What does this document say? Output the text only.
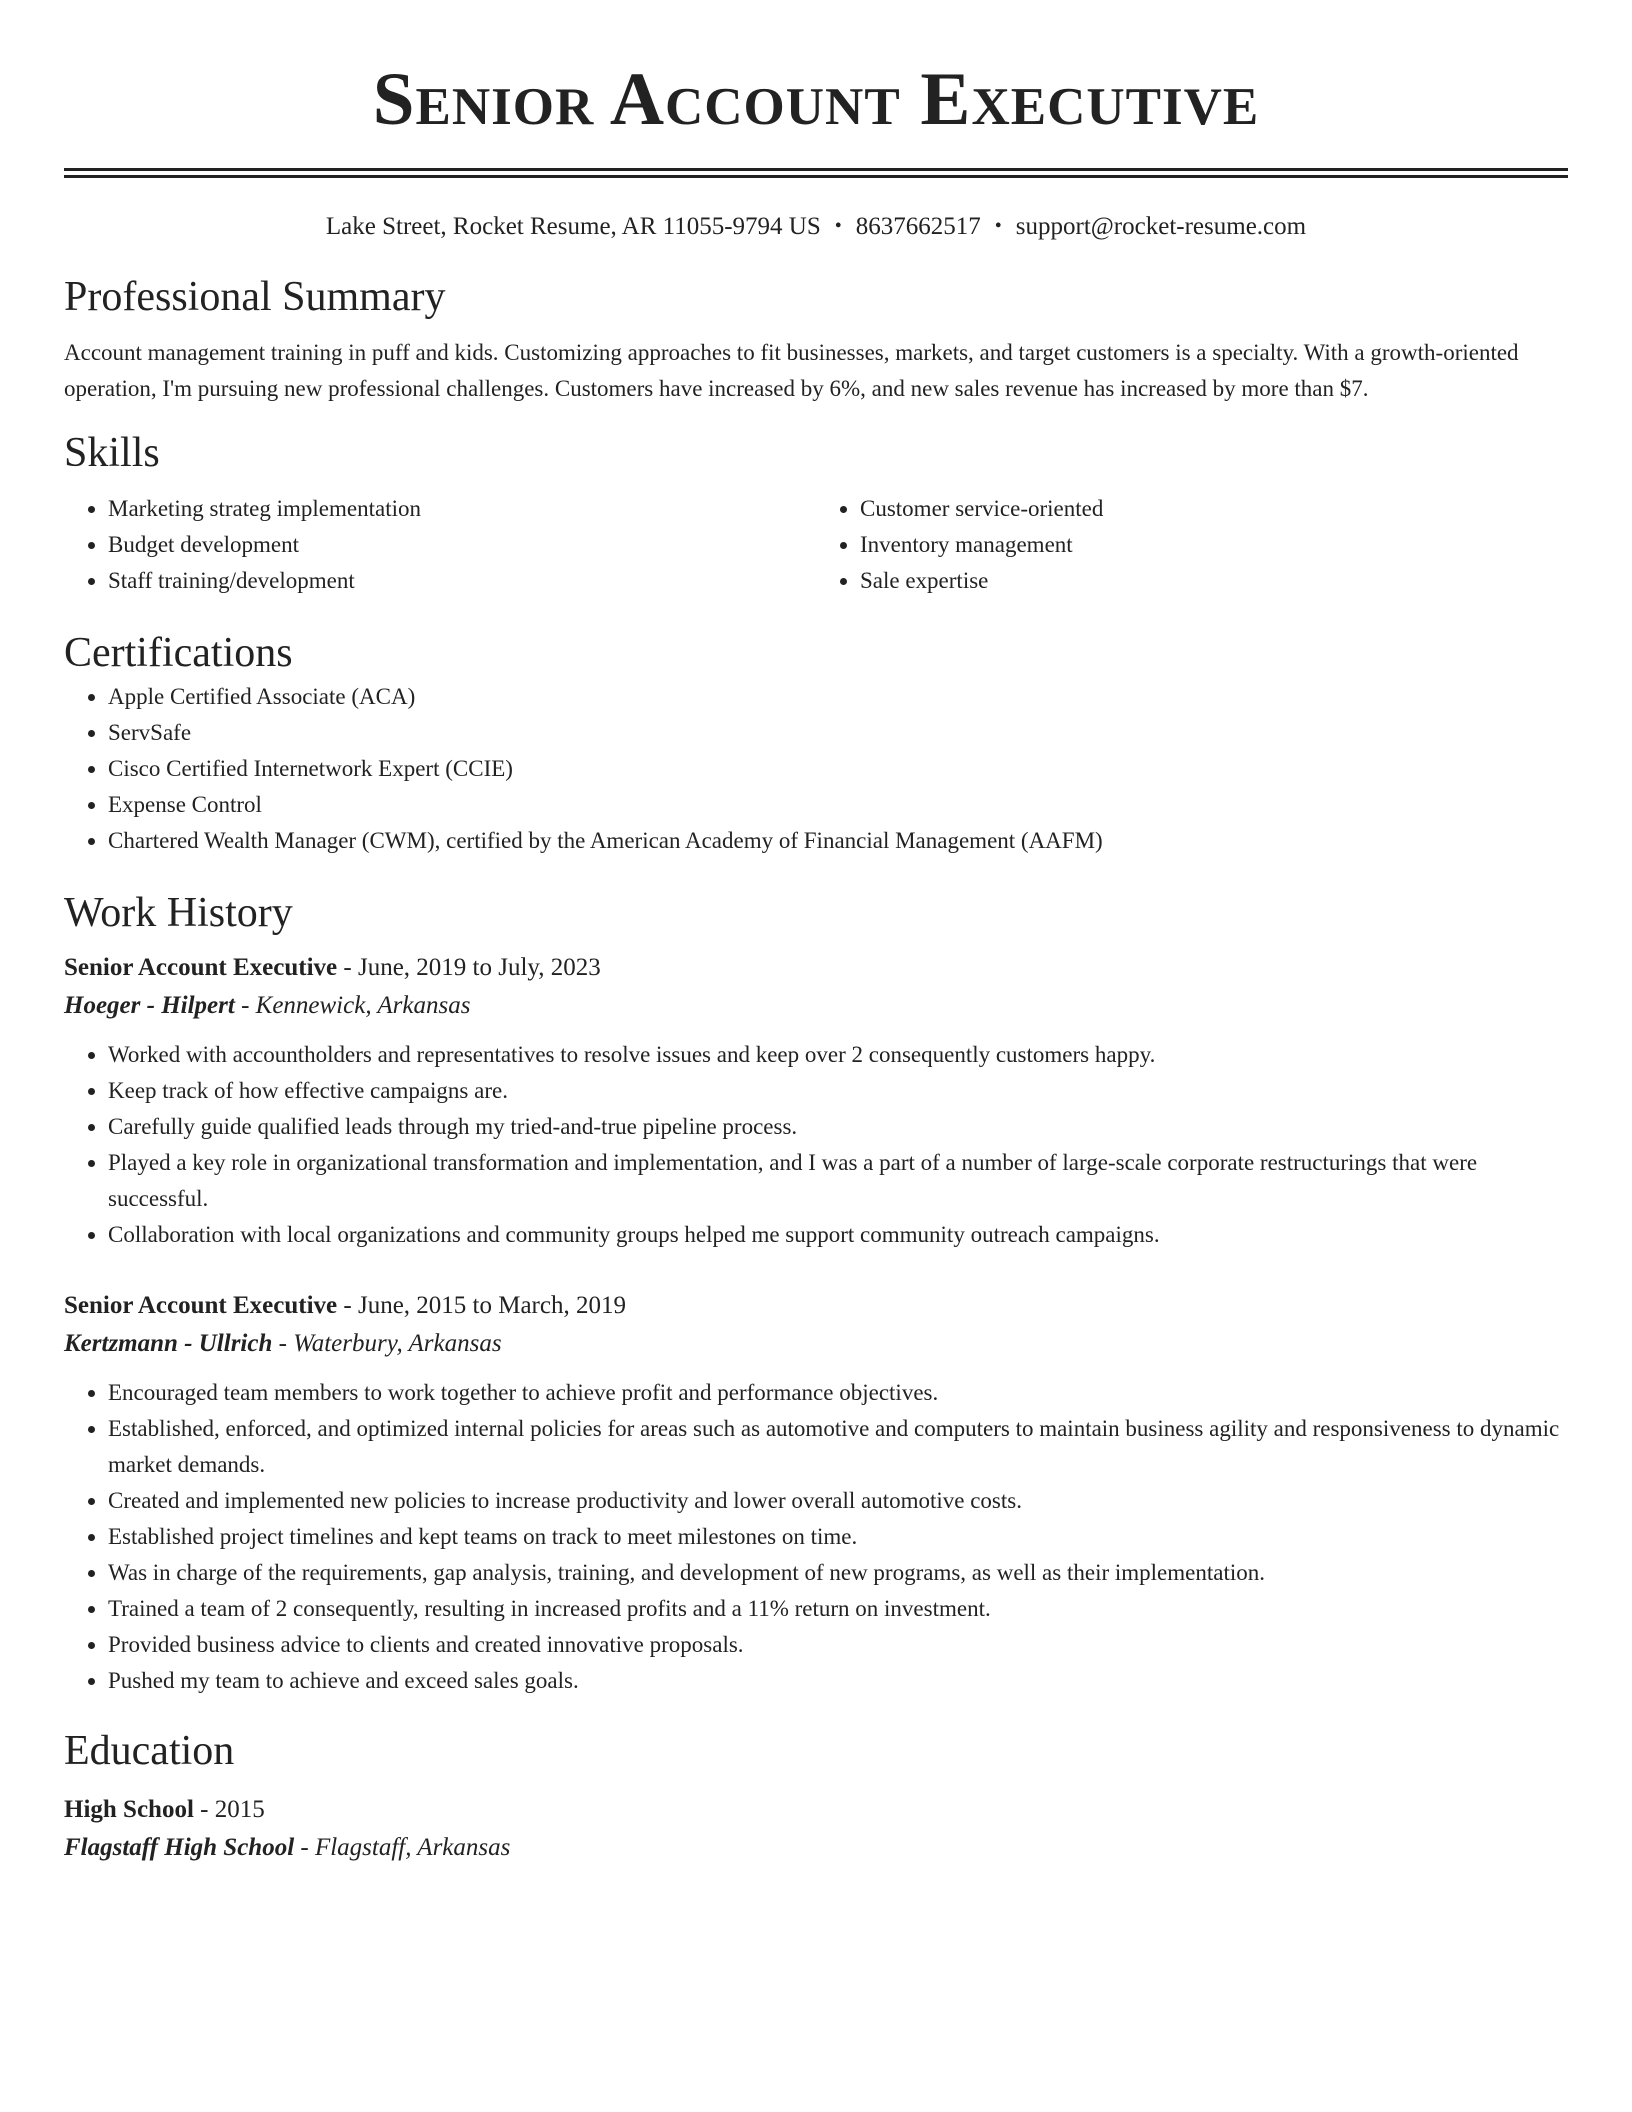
Senior Account Executive
Lake Street, Rocket Resume, AR 11055-9794 US • 8637662517 • support@rocket-resume.com
Professional Summary

Account management training in puff and kids. Customizing approaches to fit businesses, markets, and target customers is a specialty. With a growth-oriented operation, I'm pursuing new professional challenges. Customers have increased by 6%, and new sales revenue has increased by more than $7.

Skills
• Marketing strateg implementation
• Budget development
• Staff training/development
• Customer service-oriented
• Inventory management
• Sale expertise
Certifications
• Apple Certified Associate (ACA)
• ServSafe
• Cisco Certified Internetwork Expert (CCIE)
• Expense Control
• Chartered Wealth Manager (CWM), certified by the American Academy of Financial Management (AAFM)
Work History
Senior Account Executive - June, 2019 to July, 2023
Hoeger - Hilpert - Kennewick, Arkansas
• Worked with accountholders and representatives to resolve issues and keep over 2 consequently customers happy.
• Keep track of how effective campaigns are.
• Carefully guide qualified leads through my tried-and-true pipeline process.
• Played a key role in organizational transformation and implementation, and I was a part of a number of large-scale corporate restructurings that were successful.
• Collaboration with local organizations and community groups helped me support community outreach campaigns.
Senior Account Executive - June, 2015 to March, 2019
Kertzmann - Ullrich - Waterbury, Arkansas
• Encouraged team members to work together to achieve profit and performance objectives.
• Established, enforced, and optimized internal policies for areas such as automotive and computers to maintain business agility and responsiveness to dynamic market demands.
• Created and implemented new policies to increase productivity and lower overall automotive costs.
• Established project timelines and kept teams on track to meet milestones on time.
• Was in charge of the requirements, gap analysis, training, and development of new programs, as well as their implementation.
• Trained a team of 2 consequently, resulting in increased profits and a 11% return on investment.
• Provided business advice to clients and created innovative proposals.
• Pushed my team to achieve and exceed sales goals.
Education
High School - 2015
Flagstaff High School - Flagstaff, Arkansas
